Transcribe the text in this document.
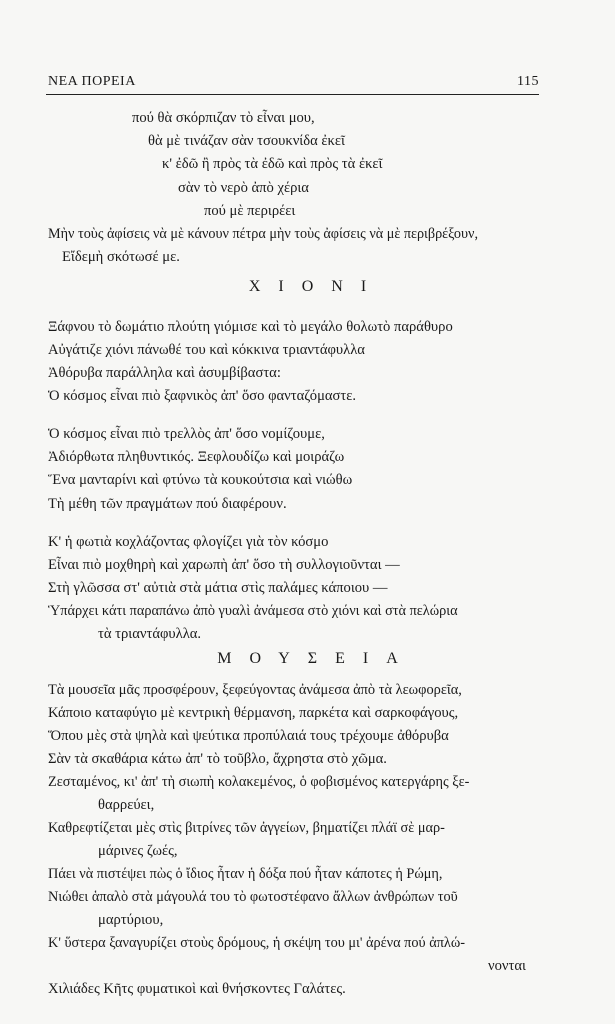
ΝΕΑ ΠΟΡΕΙΑ	115
πού θὰ σκόρπιζαν τὸ εἶναι μου,
θὰ μὲ τινάζαν σὰν τσουκνίδα ἐκεῖ
κ' ἐδῶ ἢ πρὸς τὰ ἐδῶ καὶ πρὸς τὰ ἐκεῖ
σὰν τὸ νερὸ ἀπὸ χέρια
πού μὲ περιρέει
Μὴν τοὺς ἀφίσεις νὰ μὲ κάνουν πέτρα μὴν τοὺς ἀφίσεις νὰ μὲ περιβρέξουν,
Εἴδεμὴ σκότωσέ με.
ΧΙΟΝΙ
Ξάφνου τὸ δωμάτιο πλούτη γιόμισε καὶ τὸ μεγάλο θολωτὸ παράθυρο
Αὐγάτιζε χιόνι πάνωθέ του καὶ κόκκινα τριαντάφυλλα
Ἀθόρυβα παράλληλα καὶ ἀσυμβίβαστα:
Ὁ κόσμος εἶναι πιὸ ξαφνικὸς ἀπ' ὅσο φανταζόμαστε.
Ὁ κόσμος εἶναι πιὸ τρελλὸς ἀπ' ὅσο νομίζουμε,
Ἀδιόρθωτα πληθυντικός. Ξεφλουδίζω καὶ μοιράζω
Ἕνα μανταρίνι καὶ φτύνω τὰ κουκούτσια καὶ νιώθω
Τὴ μέθη τῶν πραγμάτων πού διαφέρουν.
Κ' ἡ φωτιὰ κοχλάζοντας φλογίζει γιὰ τὸν κόσμο
Εἶναι πιὸ μοχθηρὴ καὶ χαρωπὴ ἀπ' ὅσο τὴ συλλογιοῦνται —
Στὴ γλῶσσα στ' αὐτιὰ στὰ μάτια στὶς παλάμες κάποιου —
Ὑπάρχει κάτι παραπάνω ἀπὸ γυαλὶ ἀνάμεσα στὸ χιόνι καὶ στὰ πελώρια
τὰ τριαντάφυλλα.
ΜΟΥΣΕΙΑ
Τὰ μουσεῖα μᾶς προσφέρουν, ξεφεύγοντας ἀνάμεσα ἀπὸ τὰ λεωφορεῖα,
Κάποιο καταφύγιο μὲ κεντρικὴ θέρμανση, παρκέτα καὶ σαρκοφάγους,
Ὅπου μὲς στὰ ψηλὰ καὶ ψεύτικα προπύλαιά τους τρέχουμε ἀθόρυβα
Σὰν τὰ σκαθάρια κάτω ἀπ' τὸ τοῦβλο, ἄχρηστα στὸ χῶμα.
Ζεσταμένος, κι' ἀπ' τὴ σιωπὴ κολακεμένος, ὁ φοβισμένος κατεργάρης ξε-
θαρρεύει,
Καθρεφτίζεται μὲς στὶς βιτρίνες τῶν ἀγγείων, βηματίζει πλάϊ σὲ μαρ-
μάρινες ζωές,
Πάει νὰ πιστέψει πὼς ὁ ἴδιος ἦταν ἡ δόξα πού ἦταν κάποτες ἡ Ρώμη,
Νιώθει ἁπαλὸ στὰ μάγουλά του τὸ φωτοστέφανο ἄλλων ἀνθρώπων τοῦ
μαρτύριου,
Κ' ὕστερα ξαναγυρίζει στοὺς δρόμους, ἡ σκέψη του μι' ἀρένα πού ἀπλώ-
νονται
Χιλιάδες Κῆτς φυματικοὶ καὶ θνήσκοντες Γαλάτες.
